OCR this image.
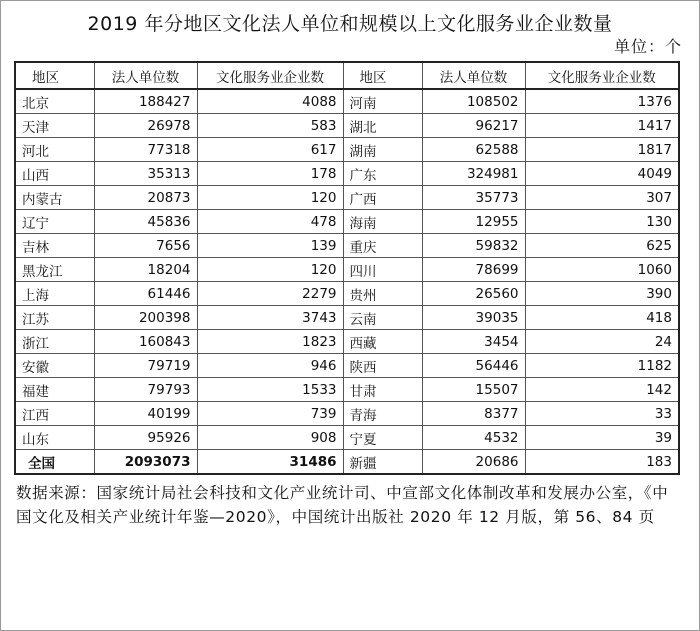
2019 年分地区文化法人单位和规模以上文化服务业企业数量
单位：个
地区	法人单位数	文化服务业企业数	地区	法人单位数	文化服务业企业数
北京	188427	4088	河南	108502	1376
天津	26978	583	湖北	96217	1417
河北	77318	617	湖南	62588	1817
山西	35313	178	广东	324981	4049
内蒙古	20873	120	广西	35773	307
辽宁	45836	478	海南	12955	130
吉林	7656	139	重庆	59832	625
黑龙江	18204	120	四川	78699	1060
上海	61446	2279	贵州	26560	390
江苏	200398	3743	云南	39035	418
浙江	160843	1823	西藏	3454	24
安徽	79719	946	陕西	56446	1182
福建	79793	1533	甘肃	15507	142
江西	40199	739	青海	8377	33
山东	95926	908	宁夏	4532	39
全国	2093073	31486	新疆	20686	183

数据来源：国家统计局社会科技和文化产业统计司、中宣部文化体制改革和发展办公室，《中国文化及相关产业统计年鉴—2020》，中国统计出版社 2020 年 12 月版，第 56、84 页
